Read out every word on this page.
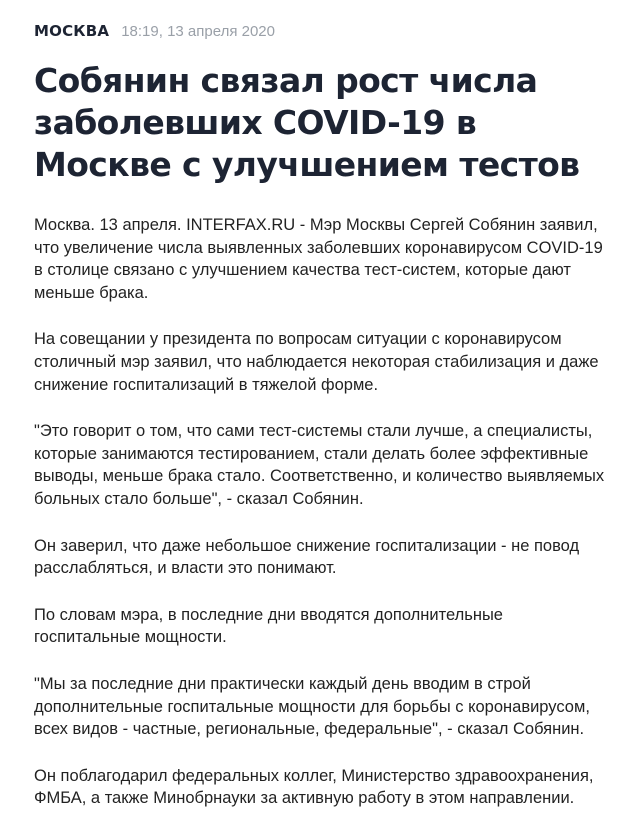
МОСКВА 18:19, 13 апреля 2020
Собянин связал рост числа заболевших COVID-19 в Москве с улучшением тестов

Москва. 13 апреля. INTERFAX.RU - Мэр Москвы Сергей Собянин заявил, что увеличение числа выявленных заболевших коронавирусом COVID-19 в столице связано с улучшением качества тест-систем, которые дают меньше брака.

На совещании у президента по вопросам ситуации с коронавирусом столичный мэр заявил, что наблюдается некоторая стабилизация и даже снижение госпитализаций в тяжелой форме.

"Это говорит о том, что сами тест-системы стали лучше, а специалисты, которые занимаются тестированием, стали делать более эффективные выводы, меньше брака стало. Соответственно, и количество выявляемых больных стало больше", - сказал Собянин.

Он заверил, что даже небольшое снижение госпитализации - не повод расслабляться, и власти это понимают.

По словам мэра, в последние дни вводятся дополнительные госпитальные мощности.

"Мы за последние дни практически каждый день вводим в строй дополнительные госпитальные мощности для борьбы с коронавирусом, всех видов - частные, региональные, федеральные", - сказал Собянин.

Он поблагодарил федеральных коллег, Министерство здравоохранения, ФМБА, а также Минобрнауки за активную работу в этом направлении.
